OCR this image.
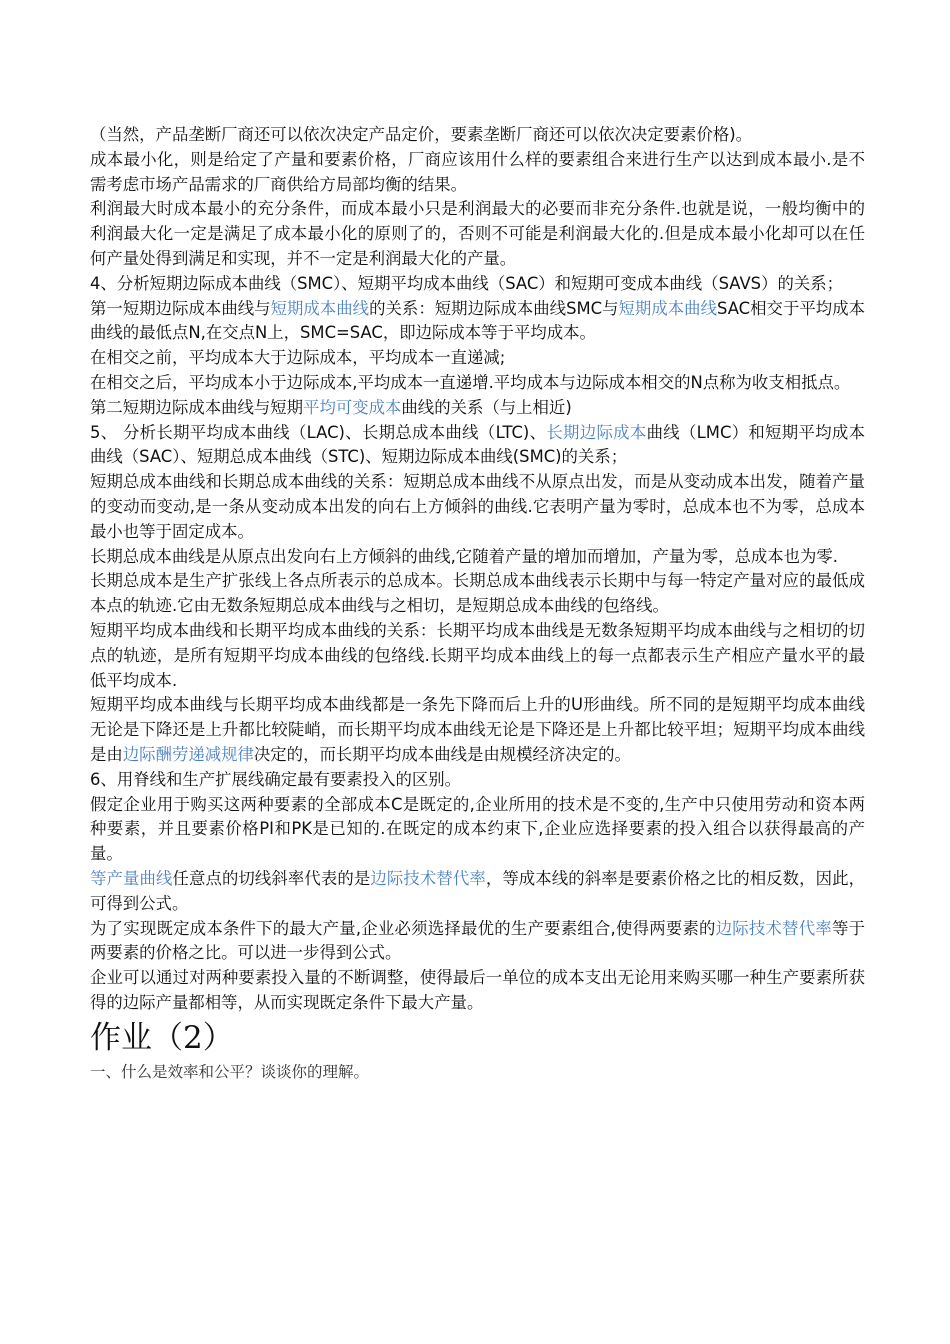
（当然，产品垄断厂商还可以依次决定产品定价，要素垄断厂商还可以依次决定要素价格)。

成本最小化，则是给定了产量和要素价格，厂商应该用什么样的要素组合来进行生产以达到成本最小.是不需考虑市场产品需求的厂商供给方局部均衡的结果。

利润最大时成本最小的充分条件，而成本最小只是利润最大的必要而非充分条件.也就是说，一般均衡中的利润最大化一定是满足了成本最小化的原则了的，否则不可能是利润最大化的.但是成本最小化却可以在任何产量处得到满足和实现，并不一定是利润最大化的产量。

4、分析短期边际成本曲线（SMC）、短期平均成本曲线（SAC）和短期可变成本曲线（SAVS）的关系；

第一短期边际成本曲线与短期成本曲线的关系：短期边际成本曲线SMC与短期成本曲线SAC相交于平均成本曲线的最低点N,在交点N上，SMC=SAC，即边际成本等于平均成本。

在相交之前，平均成本大于边际成本，平均成本一直递减;

在相交之后，平均成本小于边际成本,平均成本一直递增.平均成本与边际成本相交的N点称为收支相抵点。

第二短期边际成本曲线与短期平均可变成本曲线的关系（与上相近)

5、 分析长期平均成本曲线（LAC)、长期总成本曲线（LTC)、长期边际成本曲线（LMC）和短期平均成本曲线（SAC）、短期总成本曲线（STC)、短期边际成本曲线(SMC)的关系；

短期总成本曲线和长期总成本曲线的关系：短期总成本曲线不从原点出发，而是从变动成本出发，随着产量的变动而变动,是一条从变动成本出发的向右上方倾斜的曲线.它表明产量为零时，总成本也不为零，总成本最小也等于固定成本。

长期总成本曲线是从原点出发向右上方倾斜的曲线,它随着产量的增加而增加，产量为零，总成本也为零.

长期总成本是生产扩张线上各点所表示的总成本。长期总成本曲线表示长期中与每一特定产量对应的最低成本点的轨迹.它由无数条短期总成本曲线与之相切，是短期总成本曲线的包络线。

短期平均成本曲线和长期平均成本曲线的关系：长期平均成本曲线是无数条短期平均成本曲线与之相切的切点的轨迹，是所有短期平均成本曲线的包络线.长期平均成本曲线上的每一点都表示生产相应产量水平的最低平均成本.

短期平均成本曲线与长期平均成本曲线都是一条先下降而后上升的U形曲线。所不同的是短期平均成本曲线无论是下降还是上升都比较陡峭，而长期平均成本曲线无论是下降还是上升都比较平坦；短期平均成本曲线是由边际酬劳递减规律决定的，而长期平均成本曲线是由规模经济决定的。

6、用脊线和生产扩展线确定最有要素投入的区别。

假定企业用于购买这两种要素的全部成本C是既定的,企业所用的技术是不变的,生产中只使用劳动和资本两种要素，并且要素价格PI和PK是已知的.在既定的成本约束下,企业应选择要素的投入组合以获得最高的产量。

等产量曲线任意点的切线斜率代表的是边际技术替代率，等成本线的斜率是要素价格之比的相反数，因此，可得到公式。

为了实现既定成本条件下的最大产量,企业必须选择最优的生产要素组合,使得两要素的边际技术替代率等于两要素的价格之比。可以进一步得到公式。

企业可以通过对两种要素投入量的不断调整，使得最后一单位的成本支出无论用来购买哪一种生产要素所获得的边际产量都相等，从而实现既定条件下最大产量。

作业（2）

一、什么是效率和公平？谈谈你的理解。
